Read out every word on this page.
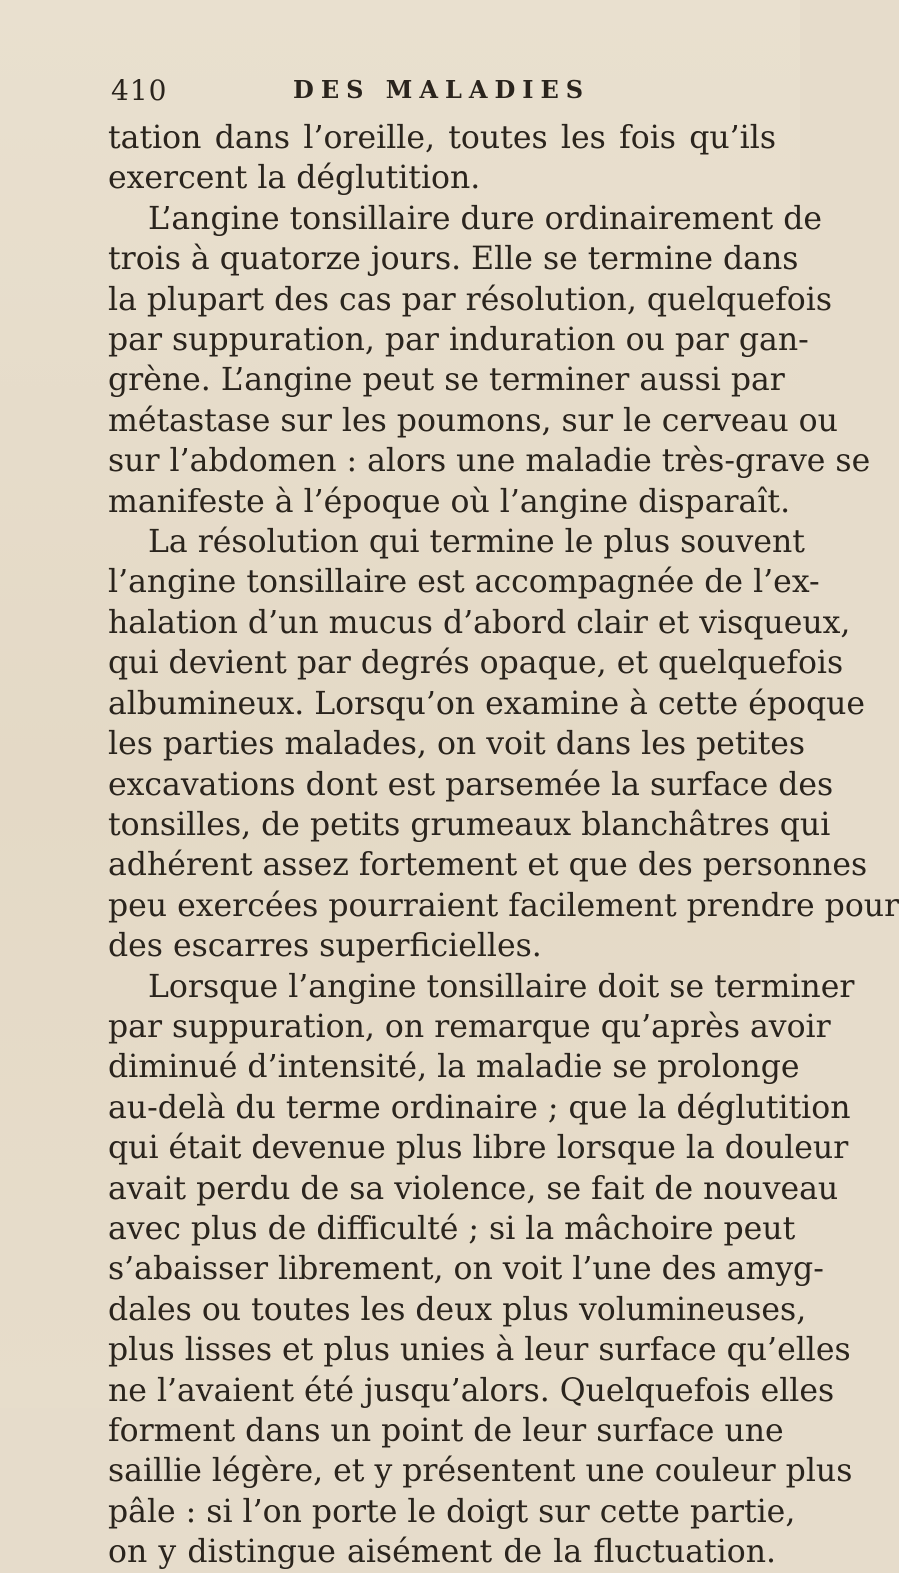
410	DES MALADIES
tation dans l’oreille, toutes les fois qu’ils
exercent la déglutition.
L’angine tonsillaire dure ordinairement de
trois à quatorze jours. Elle se termine dans
la plupart des cas par résolution, quelquefois
par suppuration, par induration ou par gan-
grène. L’angine peut se terminer aussi par
métastase sur les poumons, sur le cerveau ou
sur l’abdomen : alors une maladie très-grave se
manifeste à l’époque où l’angine disparaît.
La résolution qui termine le plus souvent
l’angine tonsillaire est accompagnée de l’ex-
halation d’un mucus d’abord clair et visqueux,
qui devient par degrés opaque, et quelquefois
albumineux. Lorsqu’on examine à cette époque
les parties malades, on voit dans les petites
excavations dont est parsemée la surface des
tonsilles, de petits grumeaux blanchâtres qui
adhérent assez fortement et que des personnes
peu exercées pourraient facilement prendre pour
des escarres superficielles.
Lorsque l’angine tonsillaire doit se terminer
par suppuration, on remarque qu’après avoir
diminué d’intensité, la maladie se prolonge
au-delà du terme ordinaire ; que la déglutition
qui était devenue plus libre lorsque la douleur
avait perdu de sa violence, se fait de nouveau
avec plus de difficulté ; si la mâchoire peut
s’abaisser librement, on voit l’une des amyg-
dales ou toutes les deux plus volumineuses,
plus lisses et plus unies à leur surface qu’elles
ne l’avaient été jusqu’alors. Quelquefois elles
forment dans un point de leur surface une
saillie légère, et y présentent une couleur plus
pâle : si l’on porte le doigt sur cette partie,
on y distingue aisément de la fluctuation.
